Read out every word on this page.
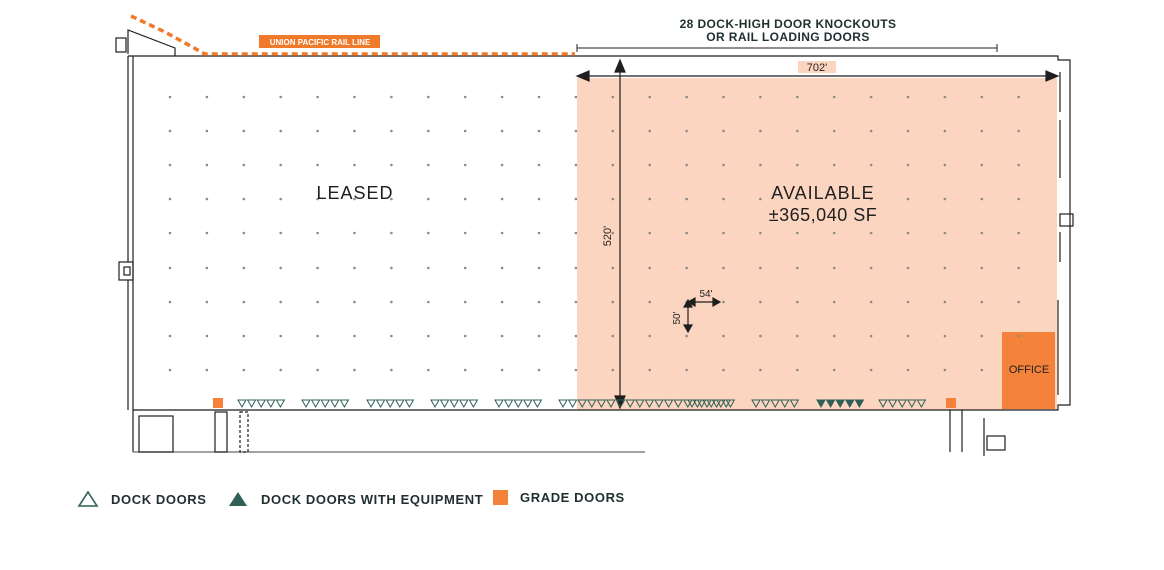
UNION PACIFIC RAIL LINE
28 DOCK-HIGH DOOR KNOCKOUTS
OR RAIL LOADING DOORS
702'
520'
54'
50'
LEASED	AVAILABLE
±365,040 SF
OFFICE
DOCK DOORS	DOCK DOORS WITH EQUIPMENT	GRADE DOORS
